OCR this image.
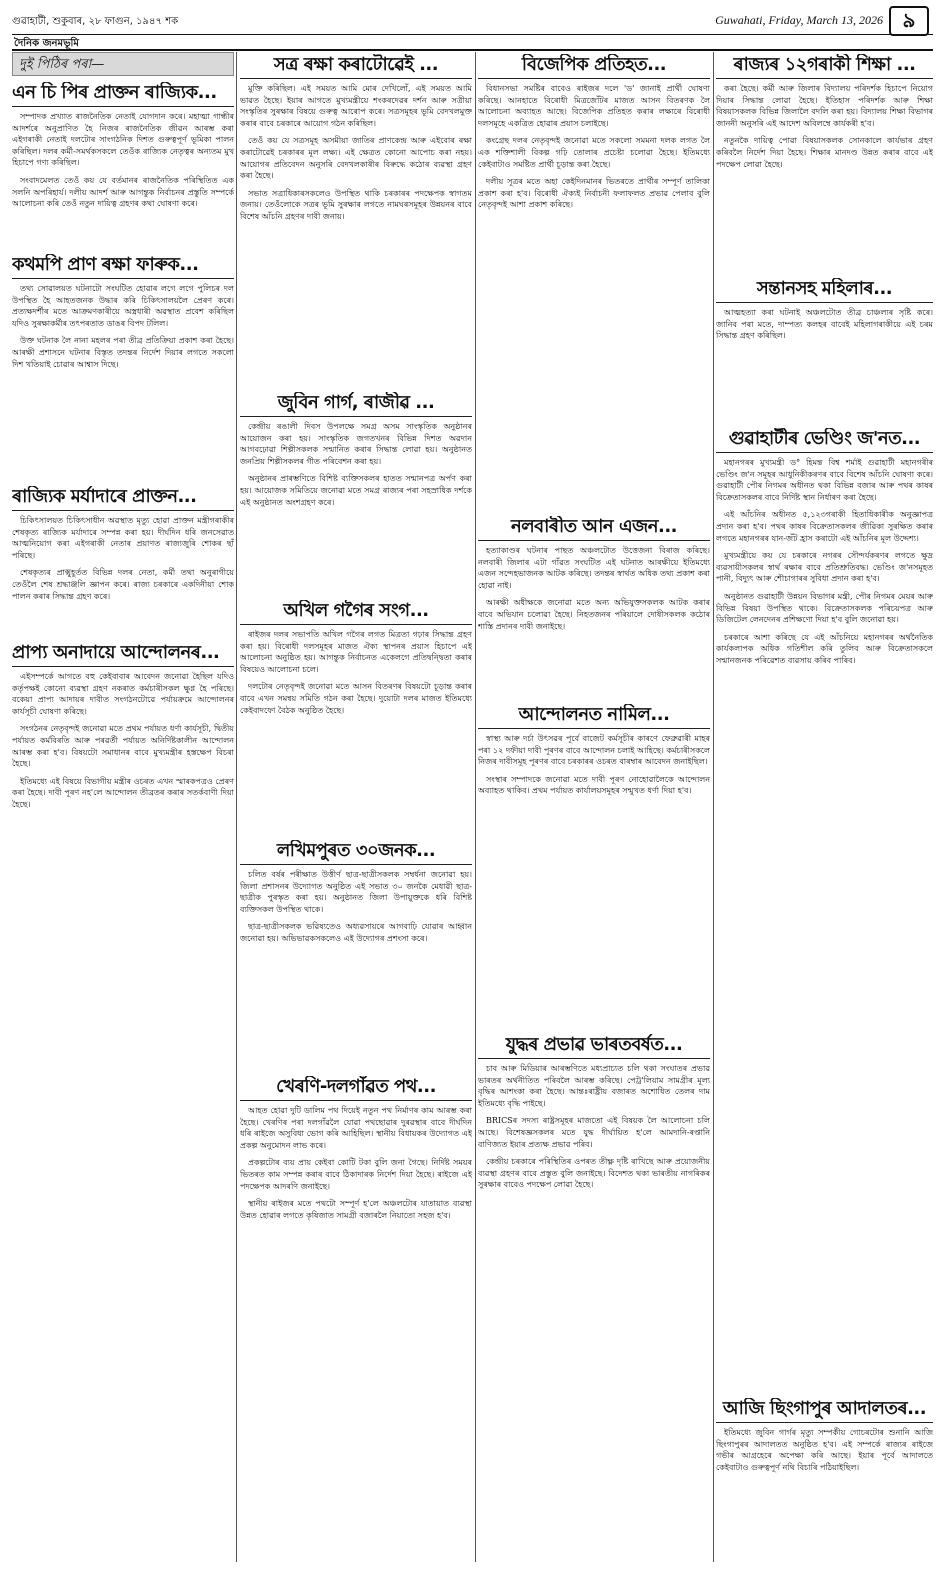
গুৱাহাটী, শুকুবাৰ, ২৮ ফাগুন, ১৯৪৭ শক	Guwahati, Friday, March 13, 2026 ৯
দৈনিক জনমভূমি
দুই পিঠিৰ পৰা—
এন চি পিৰ প্ৰাক্তন ৰাজ্যিক...

সম্পাদক প্ৰখ্যাত ৰাজনৈতিক নেতাই যোগদান কৰে। মহাত্মা গান্ধীৰ আদৰ্শৰে অনুপ্ৰাণিত হৈ নিজৰ ৰাজনৈতিক জীৱন আৰম্ভ কৰা এইগৰাকী নেতাই দলটোৰ সাংগঠনিক দিশত গুৰুত্বপূৰ্ণ ভূমিকা পালন কৰিছিল। দলৰ কৰ্মী-সমৰ্থকসকলে তেওঁক ৰাজ্যিক নেতৃত্বৰ অন্যতম মুখ হিচাপে গণ্য কৰিছিল।

সংবাদমেলত তেওঁ কয় যে বৰ্তমানৰ ৰাজনৈতিক পৰিস্থিতিত এক সলনি অপৰিহাৰ্য। দলীয় আদৰ্শ আৰু আগন্তুক নিৰ্বাচনৰ প্ৰস্তুতি সম্পৰ্কে আলোচনা কৰি তেওঁ নতুন দায়িত্ব গ্ৰহণৰ কথা ঘোষণা কৰে।

কথমপি প্ৰাণ ৰক্ষা ফাৰুক...

তথ্য সোৱালয়ত ঘটনাটো সংঘটিত হোৱাৰ লগে লগে পুলিচৰ দল উপস্থিত হৈ আহতজনক উদ্ধাৰ কৰি চিকিৎসালয়লৈ প্ৰেৰণ কৰে। প্ৰত্যক্ষদৰ্শীৰ মতে আক্ৰমণকাৰীয়ে অস্ত্ৰধাৰী অৱস্থাত প্ৰবেশ কৰিছিল যদিও সুৰক্ষাকৰ্মীৰ তৎপৰতাত ডাঙৰ বিপদ টলিল।

উক্ত ঘটনাক লৈ নানা মহলৰ পৰা তীব্ৰ প্ৰতিক্ৰিয়া প্ৰকাশ কৰা হৈছে। আৰক্ষী প্ৰশাসনে ঘটনাৰ বিস্তৃত তদন্তৰ নিৰ্দেশ দিয়াৰ লগতে সকলো দিশ খতিয়াই চোৱাৰ আশ্বাস দিছে।

ৰাজ্যিক মৰ্যাদাৰে প্ৰাক্তন...

চিকিৎসালয়ত চিকিৎসাধীন অৱস্থাত মৃত্যু হোৱা প্ৰাক্তন মন্ত্ৰীগৰাকীৰ শেষকৃত্য ৰাজ্যিক মৰ্যাদাৰে সম্পন্ন কৰা হয়। দীৰ্ঘদিন ধৰি জনসেৱাত আত্মনিয়োগ কৰা এইগৰাকী নেতাৰ প্ৰয়াণত ৰাজ্যজুৰি শোকৰ ছাঁ পৰিছে।

শেষকৃত্যৰ প্ৰাক্মুহূৰ্তত বিভিন্ন দলৰ নেতা, কৰ্মী তথা অনুৰাগীয়ে তেওঁলৈ শেষ শ্ৰদ্ধাঞ্জলি জ্ঞাপন কৰে। ৰাজ্য চৰকাৰে একদিনীয়া শোক পালন কৰাৰ সিদ্ধান্ত গ্ৰহণ কৰে।

প্ৰাপ্য অনাদায়ে আন্দোলনৰ...

এইসম্পৰ্কে আগতে বহু কেইবাবাৰ আবেদন জনোৱা হৈছিল যদিও কৰ্তৃপক্ষই কোনো ব্যৱস্থা গ্ৰহণ নকৰাত কৰ্মচাৰীসকল ক্ষুণ্ণ হৈ পৰিছে। বকেয়া প্ৰাপ্য আদায়ৰ দাবীত সংগঠনটোৱে পৰ্যায়ক্ৰমে আন্দোলনৰ কাৰ্যসূচী ঘোষণা কৰিছে।

সংগঠনৰ নেতৃবৃন্দই জনোৱা মতে প্ৰথম পৰ্যায়ত ধৰ্ণা কাৰ্যসূচী, দ্বিতীয় পৰ্যায়ত কৰ্মবিৰতি আৰু পৰৱৰ্তী পৰ্যায়ত অনিৰ্দিষ্টকালীন আন্দোলন আৰম্ভ কৰা হ'ব। বিষয়টো সমাধানৰ বাবে মুখ্যমন্ত্ৰীৰ হস্তক্ষেপ বিচৰা হৈছে।

ইতিমধ্যে এই বিষয়ে বিভাগীয় মন্ত্ৰীৰ ওচৰত এখন স্মাৰকপত্ৰও প্ৰেৰণ কৰা হৈছে। দাবী পূৰণ নহ'লে আন্দোলন তীব্ৰতৰ কৰাৰ সতৰ্কবাণী দিয়া হৈছে।

সত্ৰ ৰক্ষা কৰাটোৱেই ...

মুক্তি কৰিছিল। এই সময়ত আমি মোৰ দেখিলোঁ, এই সময়ত আমি ভাৱত হৈছে। ইয়াৰ আগতে মুখ্যমন্ত্ৰীয়ে শংকৰদেৱৰ দৰ্শন আৰু সত্ৰীয়া সংস্কৃতিৰ সুৰক্ষাৰ বিষয়ে গুৰুত্ব আৰোপ কৰে। সত্ৰসমূহৰ ভূমি বেদখলমুক্ত কৰাৰ বাবে চৰকাৰে আয়োগ গঠন কৰিছিল।

তেওঁ কয় যে সত্ৰসমূহ অসমীয়া জাতিৰ প্ৰাণকেন্দ্ৰ আৰু এইবোৰ ৰক্ষা কৰাটোৱেই চৰকাৰৰ মূল লক্ষ্য। এই ক্ষেত্ৰত কোনো আপোচ কৰা নহয়। আয়োগৰ প্ৰতিবেদন অনুসৰি বেদখলকাৰীৰ বিৰুদ্ধে কঠোৰ ব্যৱস্থা গ্ৰহণ কৰা হৈছে।

সভাত সত্ৰাধিকাৰসকলেও উপস্থিত থাকি চৰকাৰৰ পদক্ষেপক স্বাগতম জনায়। তেওঁলোকে সত্ৰৰ ভূমি সুৰক্ষাৰ লগতে নামঘৰসমূহৰ উন্নয়নৰ বাবে বিশেষ আঁচনি গ্ৰহণৰ দাবী জনায়।

জুবিন গাৰ্গ, ৰাজীৱ ...

কেন্দ্ৰীয় ৰঙালী দিবস উপলক্ষে সমগ্ৰ অসম সাংস্কৃতিক অনুষ্ঠানৰ আয়োজন কৰা হয়। সাংস্কৃতিক জগতখনৰ বিভিন্ন দিশত অৱদান আগবঢ়োৱা শিল্পীসকলক সন্মানিত কৰাৰ সিদ্ধান্ত লোৱা হয়। অনুষ্ঠানত জনপ্ৰিয় শিল্পীসকলৰ গীত পৰিবেশন কৰা হয়।

অনুষ্ঠানৰ প্ৰাৰম্ভণিতে বিশিষ্ট ব্যক্তিসকলৰ হাতত সন্মানপত্ৰ অৰ্পণ কৰা হয়। আয়োজক সমিতিয়ে জনোৱা মতে সমগ্ৰ ৰাজ্যৰ পৰা সহস্ৰাধিক দৰ্শকে এই অনুষ্ঠানত অংশগ্ৰহণ কৰে।

অখিল গগৈৰ সংগ...

ৰাইজৰ দলৰ সভাপতি অখিল গগৈৰ লগত মিত্ৰতা গঢ়াৰ সিদ্ধান্ত গ্ৰহণ কৰা হয়। বিৰোধী দলসমূহৰ মাজত ঐক্য স্থাপনৰ প্ৰয়াস হিচাপে এই আলোচনা অনুষ্ঠিত হয়। আগন্তুক নিৰ্বাচনত একেলগে প্ৰতিদ্বন্দ্বিতা কৰাৰ বিষয়েও আলোচনা চলে।

দলটোৰ নেতৃবৃন্দই জনোৱা মতে আসন বিতৰণৰ বিষয়টো চূড়ান্ত কৰাৰ বাবে এখন সমন্বয় সমিতি গঠন কৰা হৈছে। দুয়োটা দলৰ মাজত ইতিমধ্যে কেইবাদফো বৈঠক অনুষ্ঠিত হৈছে।

লখিমপুৰত ৩০জনক...

চলিত বৰ্ষৰ পৰীক্ষাত উত্তীৰ্ণ ছাত্ৰ-ছাত্ৰীসকলক সম্বৰ্ধনা জনোৱা হয়। জিলা প্ৰশাসনৰ উদ্যোগত অনুষ্ঠিত এই সভাত ৩০ জনকৈ মেধাৱী ছাত্ৰ-ছাত্ৰীক পুৰস্কৃত কৰা হয়। অনুষ্ঠানত জিলা উপায়ুক্তকে ধৰি বিশিষ্ট ব্যক্তিসকল উপস্থিত থাকে।

ছাত্ৰ-ছাত্ৰীসকলক ভৱিষ্যতেও অধ্যৱসায়ৰে আগবাঢ়ি যোৱাৰ আহ্বান জনোৱা হয়। অভিভাৱকসকলেও এই উদ্যোগৰ প্ৰশংসা কৰে।

খেৰণি-দলগাঁৱত পথ...

আহত হোৱা দুটি ডালিম পথ দিয়েই নতুন পথ নিৰ্মাণৰ কাম আৰম্ভ কৰা হৈছে। খেৰণিৰ পৰা দলগাঁৱলৈ যোৱা পথছোৱাৰ দুৰৱস্থাৰ বাবে দীৰ্ঘদিন ধৰি ৰাইজে অসুবিধা ভোগ কৰি আহিছিল। স্থানীয় বিধায়কৰ উদ্যোগত এই প্ৰকল্প অনুমোদন লাভ কৰে।

প্ৰকল্পটোৰ ব্যয় প্ৰায় কেইবা কোটি টকা বুলি জনা গৈছে। নিৰ্দিষ্ট সময়ৰ ভিতৰত কাম সম্পন্ন কৰাৰ বাবে ঠিকাদাৰক নিৰ্দেশ দিয়া হৈছে। ৰাইজে এই পদক্ষেপক আদৰণি জনাইছে।

স্থানীয় ৰাইজৰ মতে পথটো সম্পূৰ্ণ হ'লে অঞ্চলটোৰ যাতায়াত ব্যৱস্থা উন্নত হোৱাৰ লগতে কৃষিজাত সামগ্ৰী বজাৰলৈ নিয়াতো সহজ হ'ব।

বিজেপিক প্ৰতিহত...

বিধানসভা সমষ্টিৰ বাবেও ৰাইজৰ দলে 'ড' জানাই প্ৰাৰ্থী ঘোষণা কৰিছে। আনহাতে বিৰোধী মিত্ৰজোঁটৰ মাজত আসন বিতৰণক লৈ আলোচনা অব্যাহত আছে। বিজেপিক প্ৰতিহত কৰাৰ লক্ষ্যৰে বিৰোধী দলসমূহে একত্ৰিত হোৱাৰ প্ৰয়াস চলাইছে।

কংগ্ৰেছ দলৰ নেতৃবৃন্দই জনোৱা মতে সকলো সমমনা দলক লগত লৈ এক শক্তিশালী বিকল্প গঢ়ি তোলাৰ প্ৰচেষ্টা চলোৱা হৈছে। ইতিমধ্যে কেইবাটাও সমষ্টিত প্ৰাৰ্থী চূড়ান্ত কৰা হৈছে।

দলীয় সূত্ৰৰ মতে অহা কেইদিনমানৰ ভিতৰতে প্ৰাৰ্থীৰ সম্পূৰ্ণ তালিকা প্ৰকাশ কৰা হ'ব। বিৰোধী ঐক্যই নিৰ্বাচনী ফলাফলত প্ৰভাৱ পেলাব বুলি নেতৃবৃন্দই আশা প্ৰকাশ কৰিছে।

নলবাৰীত আন এজন...

হত্যাকাণ্ডৰ ঘটনাৰ পাছত অঞ্চলটোত উত্তেজনা বিৰাজ কৰিছে। নলবাৰী জিলাৰ এটা গাঁৱত সংঘটিত এই ঘটনাত আৰক্ষীয়ে ইতিমধ্যে এজন সন্দেহভাজনক আটক কৰিছে। তদন্তৰ স্বাৰ্থত অধিক তথ্য প্ৰকাশ কৰা হোৱা নাই।

আৰক্ষী অধীক্ষকে জনোৱা মতে অন্য অভিযুক্তসকলক আটক কৰাৰ বাবে অভিযান চলোৱা হৈছে। নিহতজনৰ পৰিয়ালে দোষীসকলক কঠোৰ শাস্তি প্ৰদানৰ দাবী জনাইছে।

আন্দোলনত নামিল...

স্বাস্থ্য আৰু দৰ্চা উৎসৱৰ পূৰ্বে বাজেট কৰ্মসূচীৰ কাৰণে ফেব্ৰুৱাৰী মাহৰ পৰা ১২ দফীয়া দাবী পূৰণৰ বাবে আন্দোলন চলাই আহিছে। কৰ্মচাৰীসকলে নিজৰ দাবীসমূহ পূৰণৰ বাবে চৰকাৰৰ ওচৰত বাৰম্বাৰ আবেদন জনাইছিল।

সংস্থাৰ সম্পাদকে জনোৱা মতে দাবী পূৰণ নোহোৱালৈকে আন্দোলন অব্যাহত থাকিব। প্ৰথম পৰ্যায়ত কাৰ্যালয়সমূহৰ সন্মুখত ধৰ্ণা দিয়া হ'ব।

যুদ্ধৰ প্ৰভাৱ ভাৰতবৰ্ষত...

চাব আৰু মিডিয়াৰ আৰম্ভণিতে মধ্যপ্ৰাচ্যত চলি থকা সংঘাতৰ প্ৰভাৱ ভাৰতৰ অৰ্থনীতিত পৰিবলৈ আৰম্ভ কৰিছে। পেট্ৰ'লিয়াম সামগ্ৰীৰ মূল্য বৃদ্ধিৰ আশংকা কৰা হৈছে। আন্তঃৰাষ্ট্ৰীয় বজাৰত অশোধিত তেলৰ দাম ইতিমধ্যে বৃদ্ধি পাইছে।

BRICSৰ সদস্য ৰাষ্ট্ৰসমূহৰ মাজতো এই বিষয়ক লৈ আলোচনা চলি আছে। বিশেষজ্ঞসকলৰ মতে যুদ্ধ দীৰ্ঘায়িত হ'লে আমদানি-ৰপ্তানি বাণিজ্যত ইয়াৰ প্ৰত্যক্ষ প্ৰভাৱ পৰিব।

কেন্দ্ৰীয় চৰকাৰে পৰিস্থিতিৰ ওপৰত তীক্ষ্ণ দৃষ্টি ৰাখিছে আৰু প্ৰয়োজনীয় ব্যৱস্থা গ্ৰহণৰ বাবে প্ৰস্তুত বুলি জনাইছে। বিদেশত থকা ভাৰতীয় নাগৰিকৰ সুৰক্ষাৰ বাবেও পদক্ষেপ লোৱা হৈছে।

ৰাজ্যৰ ১২গৰাকী শিক্ষা ...

কৰা হৈছে। কৰ্মী আৰু জিলাৰ বিদ্যালয় পৰিদৰ্শক হিচাপে নিয়োগ দিয়াৰ সিদ্ধান্ত লোৱা হৈছে। ইতিহাস পৰিদৰ্শক আৰু শিক্ষা বিষয়াসকলক বিভিন্ন জিলালৈ বদলি কৰা হয়। বিদ্যালয় শিক্ষা বিভাগৰ জাননী অনুসৰি এই আদেশ অবিলম্বে কাৰ্যকৰী হ'ব।

নতুনকৈ দায়িত্ব পোৱা বিষয়াসকলক সোনকালে কাৰ্যভাৰ গ্ৰহণ কৰিবলৈ নিৰ্দেশ দিয়া হৈছে। শিক্ষাৰ মানদণ্ড উন্নত কৰাৰ বাবে এই পদক্ষেপ লোৱা হৈছে।

সন্তানসহ মহিলাৰ...

আত্মহত্যা কৰা ঘটনাই অঞ্চলটোত তীব্ৰ চাঞ্চল্যৰ সৃষ্টি কৰে। জানিব পৰা মতে, দাম্পত্য কলহৰ বাবেই মহিলাগৰাকীয়ে এই চৰম সিদ্ধান্ত গ্ৰহণ কৰিছিল।

গুৱাহাটীৰ ভেণ্ডিং জ'নত...

মহানগৰৰ মুখ্যমন্ত্ৰী ড° হিমন্ত বিশ্ব শৰ্মাই গুৱাহাটী মহানগৰীৰ ভেণ্ডিং জ'ন সমূহৰ আধুনিকীকৰণৰ বাবে বিশেষ আঁচনি ঘোষণা কৰে। গুৱাহাটী পৌৰ নিগমৰ অধীনত থকা বিভিন্ন বজাৰ আৰু পথৰ কাষৰ বিক্ৰেতাসকলৰ বাবে নিৰ্দিষ্ট স্থান নিৰ্ধাৰণ কৰা হৈছে।

এই আঁচনিৰ অধীনত ৫,১২৩গৰাকী হিতাধিকাৰীক অনুজ্ঞাপত্ৰ প্ৰদান কৰা হ'ব। পথৰ কাষৰ বিক্ৰেতাসকলৰ জীৱিকা সুৰক্ষিত কৰাৰ লগতে মহানগৰৰ যান-জঁট হ্ৰাস কৰাটো এই আঁচনিৰ মূল উদ্দেশ্য।

মুখ্যমন্ত্ৰীয়ে কয় যে চৰকাৰে নগৰৰ সৌন্দৰ্যকৰণৰ লগতে ক্ষুদ্ৰ ব্যৱসায়ীসকলৰ স্বাৰ্থ ৰক্ষাৰ বাবে প্ৰতিশ্ৰুতিবদ্ধ। ভেণ্ডিং জ'নসমূহত পানী, বিদ্যুৎ আৰু শৌচাগাৰৰ সুবিধা প্ৰদান কৰা হ'ব।

অনুষ্ঠানত গুৱাহাটী উন্নয়ন বিভাগৰ মন্ত্ৰী, পৌৰ নিগমৰ মেয়ৰ আৰু বিভিন্ন বিষয়া উপস্থিত থাকে। বিক্ৰেতাসকলক পৰিচয়পত্ৰ আৰু ডিজিটেল লেনদেনৰ প্ৰশিক্ষণো দিয়া হ'ব বুলি জনোৱা হয়।

চৰকাৰে আশা কৰিছে যে এই আঁচনিয়ে মহানগৰৰ অৰ্থনৈতিক কাৰ্যকলাপক অধিক গতিশীল কৰি তুলিব আৰু বিক্ৰেতাসকলে সন্মানজনক পৰিৱেশত ব্যৱসায় কৰিব পাৰিব।

আজি ছিংগাপুৰ আদালতৰ...

ইতিমধ্যে জুবিন গাৰ্গৰ মৃত্যু সম্পৰ্কীয় গোচৰটোৰ শুনানি আজি ছিংগাপুৰৰ আদালতত অনুষ্ঠিত হ'ব। এই সম্পৰ্কে ৰাজ্যৰ ৰাইজে গভীৰ আগ্ৰহেৰে অপেক্ষা কৰি আছে। ইয়াৰ পূৰ্বে আদালতে কেইবাটাও গুৰুত্বপূৰ্ণ নথি বিচাৰি পঠিয়াইছিল।
